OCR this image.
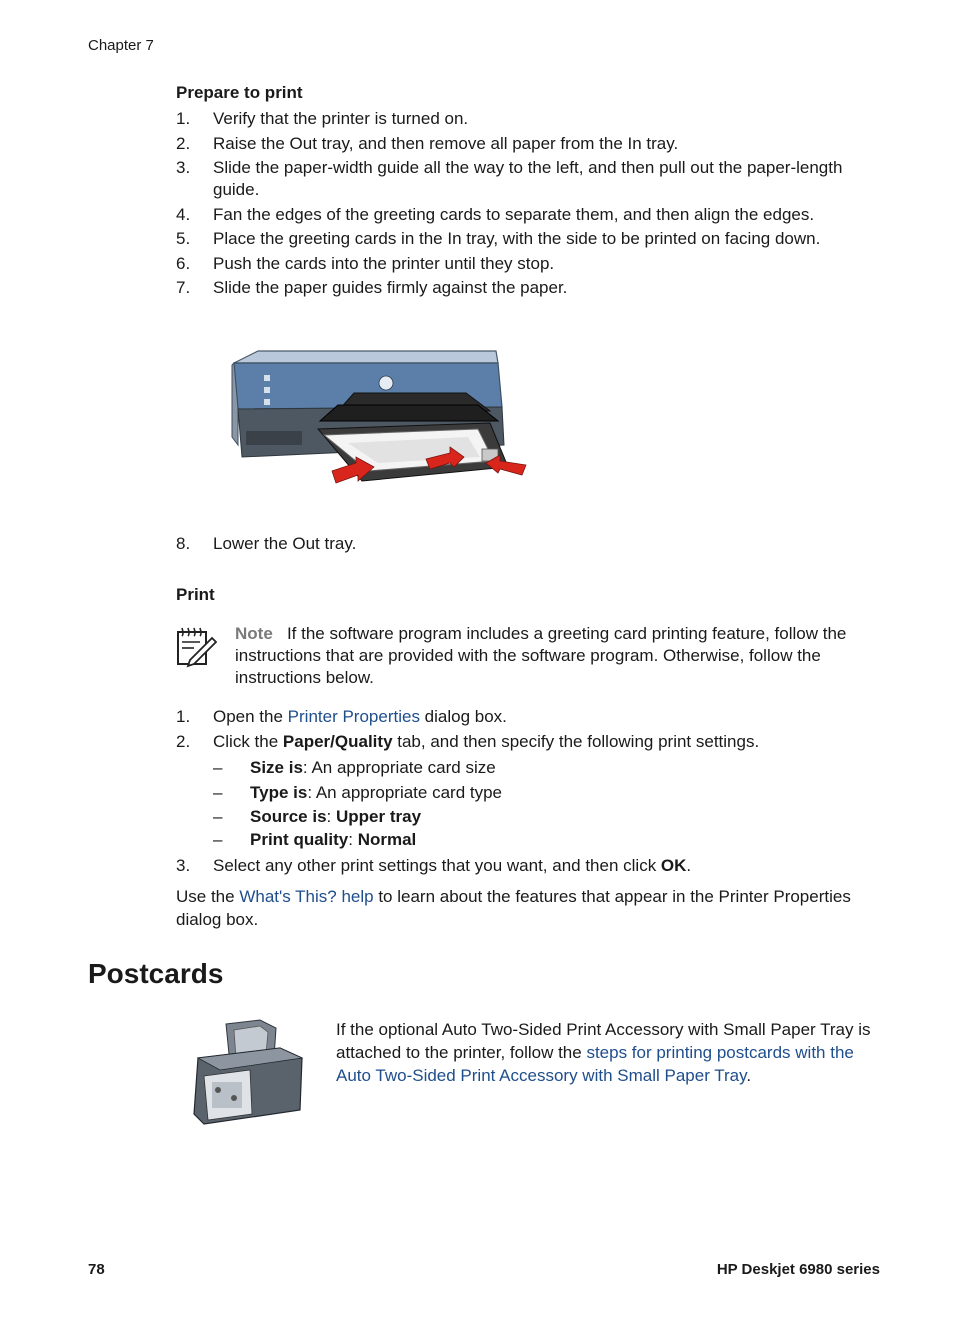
Chapter 7
Prepare to print
1.	Verify that the printer is turned on.
2.	Raise the Out tray, and then remove all paper from the In tray.
3.	Slide the paper-width guide all the way to the left, and then pull out the paper-length guide.
4.	Fan the edges of the greeting cards to separate them, and then align the edges.
5.	Place the greeting cards in the In tray, with the side to be printed on facing down.
6.	Push the cards into the printer until they stop.
7.	Slide the paper guides firmly against the paper.
8.	Lower the Out tray.
Print
Note If the software program includes a greeting card printing feature, follow the instructions that are provided with the software program. Otherwise, follow the instructions below.
1.	Open the Printer Properties dialog box.
2.	Click the Paper/Quality tab, and then specify the following print settings.
– Size is: An appropriate card size
– Type is: An appropriate card type
– Source is: Upper tray
– Print quality: Normal
3.	Select any other print settings that you want, and then click OK.
Use the What's This? help to learn about the features that appear in the Printer Properties dialog box.
Postcards
If the optional Auto Two-Sided Print Accessory with Small Paper Tray is attached to the printer, follow the steps for printing postcards with the Auto Two-Sided Print Accessory with Small Paper Tray.
78	HP Deskjet 6980 series
